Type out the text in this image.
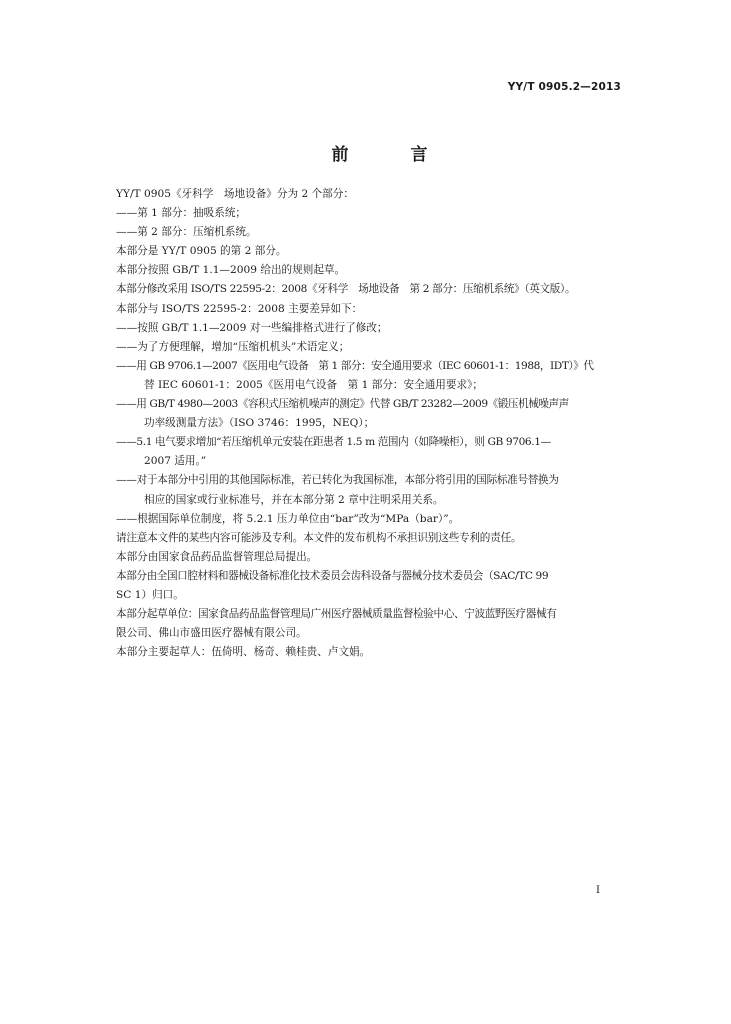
YY/T 0905.2—2013
前 言
YY/T 0905《牙科学　场地设备》分为 2 个部分：
——第 1 部分：抽吸系统；
——第 2 部分：压缩机系统。
本部分是 YY/T 0905 的第 2 部分。
本部分按照 GB/T 1.1—2009 给出的规则起草。
本部分修改采用 ISO/TS 22595-2：2008《牙科学　场地设备　第 2 部分：压缩机系统》（英文版）。
本部分与 ISO/TS 22595-2：2008 主要差异如下：
——按照 GB/T 1.1—2009 对一些编排格式进行了修改；
——为了方便理解，增加“压缩机机头”术语定义；
——用 GB 9706.1—2007《医用电气设备　第 1 部分：安全通用要求（IEC 60601-1：1988，IDT）》代
替 IEC 60601-1：2005《医用电气设备　第 1 部分：安全通用要求》；
——用 GB/T 4980—2003《容积式压缩机噪声的测定》代替 GB/T 23282—2009《锻压机械噪声声
功率级测量方法》（ISO 3746：1995，NEQ）；
——5.1 电气要求增加“若压缩机单元安装在距患者 1.5 m 范围内（如降噪柜），则 GB 9706.1—
2007 适用。”
——对于本部分中引用的其他国际标准，若已转化为我国标准，本部分将引用的国际标准号替换为
相应的国家或行业标准号，并在本部分第 2 章中注明采用关系。
——根据国际单位制度，将 5.2.1 压力单位由“bar”改为“MPa（bar）”。
请注意本文件的某些内容可能涉及专利。本文件的发布机构不承担识别这些专利的责任。
本部分由国家食品药品监督管理总局提出。
本部分由全国口腔材料和器械设备标准化技术委员会齿科设备与器械分技术委员会（SAC/TC 99
SC 1）归口。
本部分起草单位：国家食品药品监督管理局广州医疗器械质量监督检验中心、宁波蓝野医疗器械有
限公司、佛山市盛田医疗器械有限公司。
本部分主要起草人：伍倚明、杨奇、赖桂贵、卢文娟。
I
